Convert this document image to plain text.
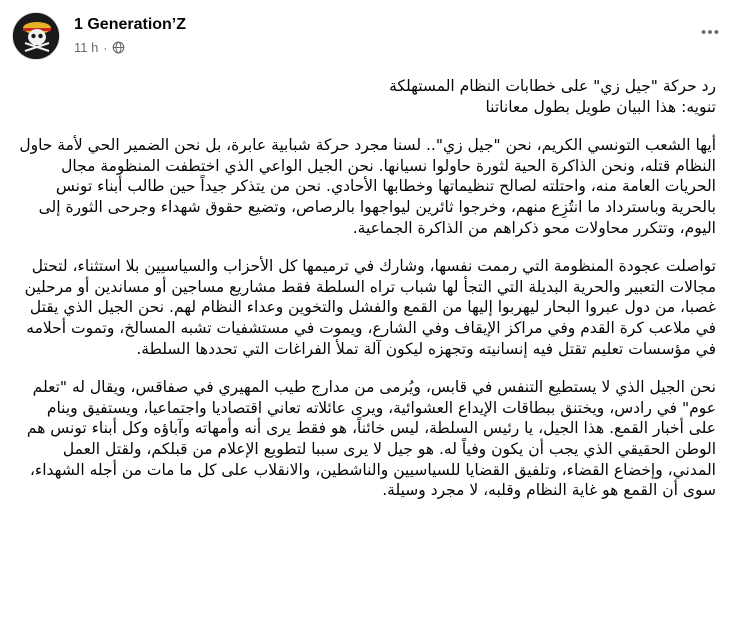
1 Generation’Z
11 h ·

رد حركة "جيل زي" على خطابات النظام المستهلكة

تنويه: هذا البيان طويل بطول معاناتنا

أيها الشعب التونسي الكريم، نحن "جيل زي".. لسنا مجرد حركة شبابية عابرة، بل نحن الضمير الحي لأمة حاول النظام قتله، ونحن الذاكرة الحية لثورة حاولوا نسيانها. نحن الجيل الواعي الذي اختطفت المنظومة مجال الحريات العامة منه، واحتلته لصالح تنظيماتها وخطابها الأحادي. نحن من يتذكر جيداً حين طالب أبناء تونس بالحرية وباسترداد ما انتُزِع منهم، وخرجوا ثائرين ليواجهوا بالرصاص، وتضيع حقوق شهداء وجرحى الثورة إلى اليوم، وتتكرر محاولات محو ذكراهم من الذاكرة الجماعية.

تواصلت عجودة المنظومة التي رممت نفسها، وشارك في ترميمها كل الأحزاب والسياسيين بلا استثناء، لتحتل مجالات التعبير والحرية البديلة التي التجأ لها شباب تراه السلطة فقط مشاريع مساجين أو مساندين أو مرحلين غصبا، من دول عبروا البحار ليهربوا إليها من القمع والفشل والتخوين وعداء النظام لهم. نحن الجيل الذي يقتل في ملاعب كرة القدم وفي مراكز الإيقاف وفي الشارع، ويموت في مستشفيات تشبه المسالخ، وتموت أحلامه في مؤسسات تعليم تقتل فيه إنسانيته وتجهزه ليكون آلة تملأ الفراغات التي تحددها السلطة.

نحن الجيل الذي لا يستطيع التنفس في قابس، ويُرمى من مدارج طيب المهيري في صفاقس، ويقال له "تعلم عوم" في رادس، ويختنق ببطاقات الإيداع العشوائية، ويرى عائلاته تعاني اقتصاديا واجتماعيا، ويستفيق وينام على أخبار القمع. هذا الجيل، يا رئيس السلطة، ليس خائناً، هو فقط يرى أنه وأمهاته وآباؤه وكل أبناء تونس هم الوطن الحقيقي الذي يجب أن يكون وفياً له. هو جيل لا يرى سببا لتطويع الإعلام من قبلكم، ولقتل العمل المدني، وإخضاع القضاء، وتلفيق القضايا للسياسيين والناشطين، والانقلاب على كل ما مات من أجله الشهداء، سوى أن القمع هو غاية النظام وقلبه، لا مجرد وسيلة.
